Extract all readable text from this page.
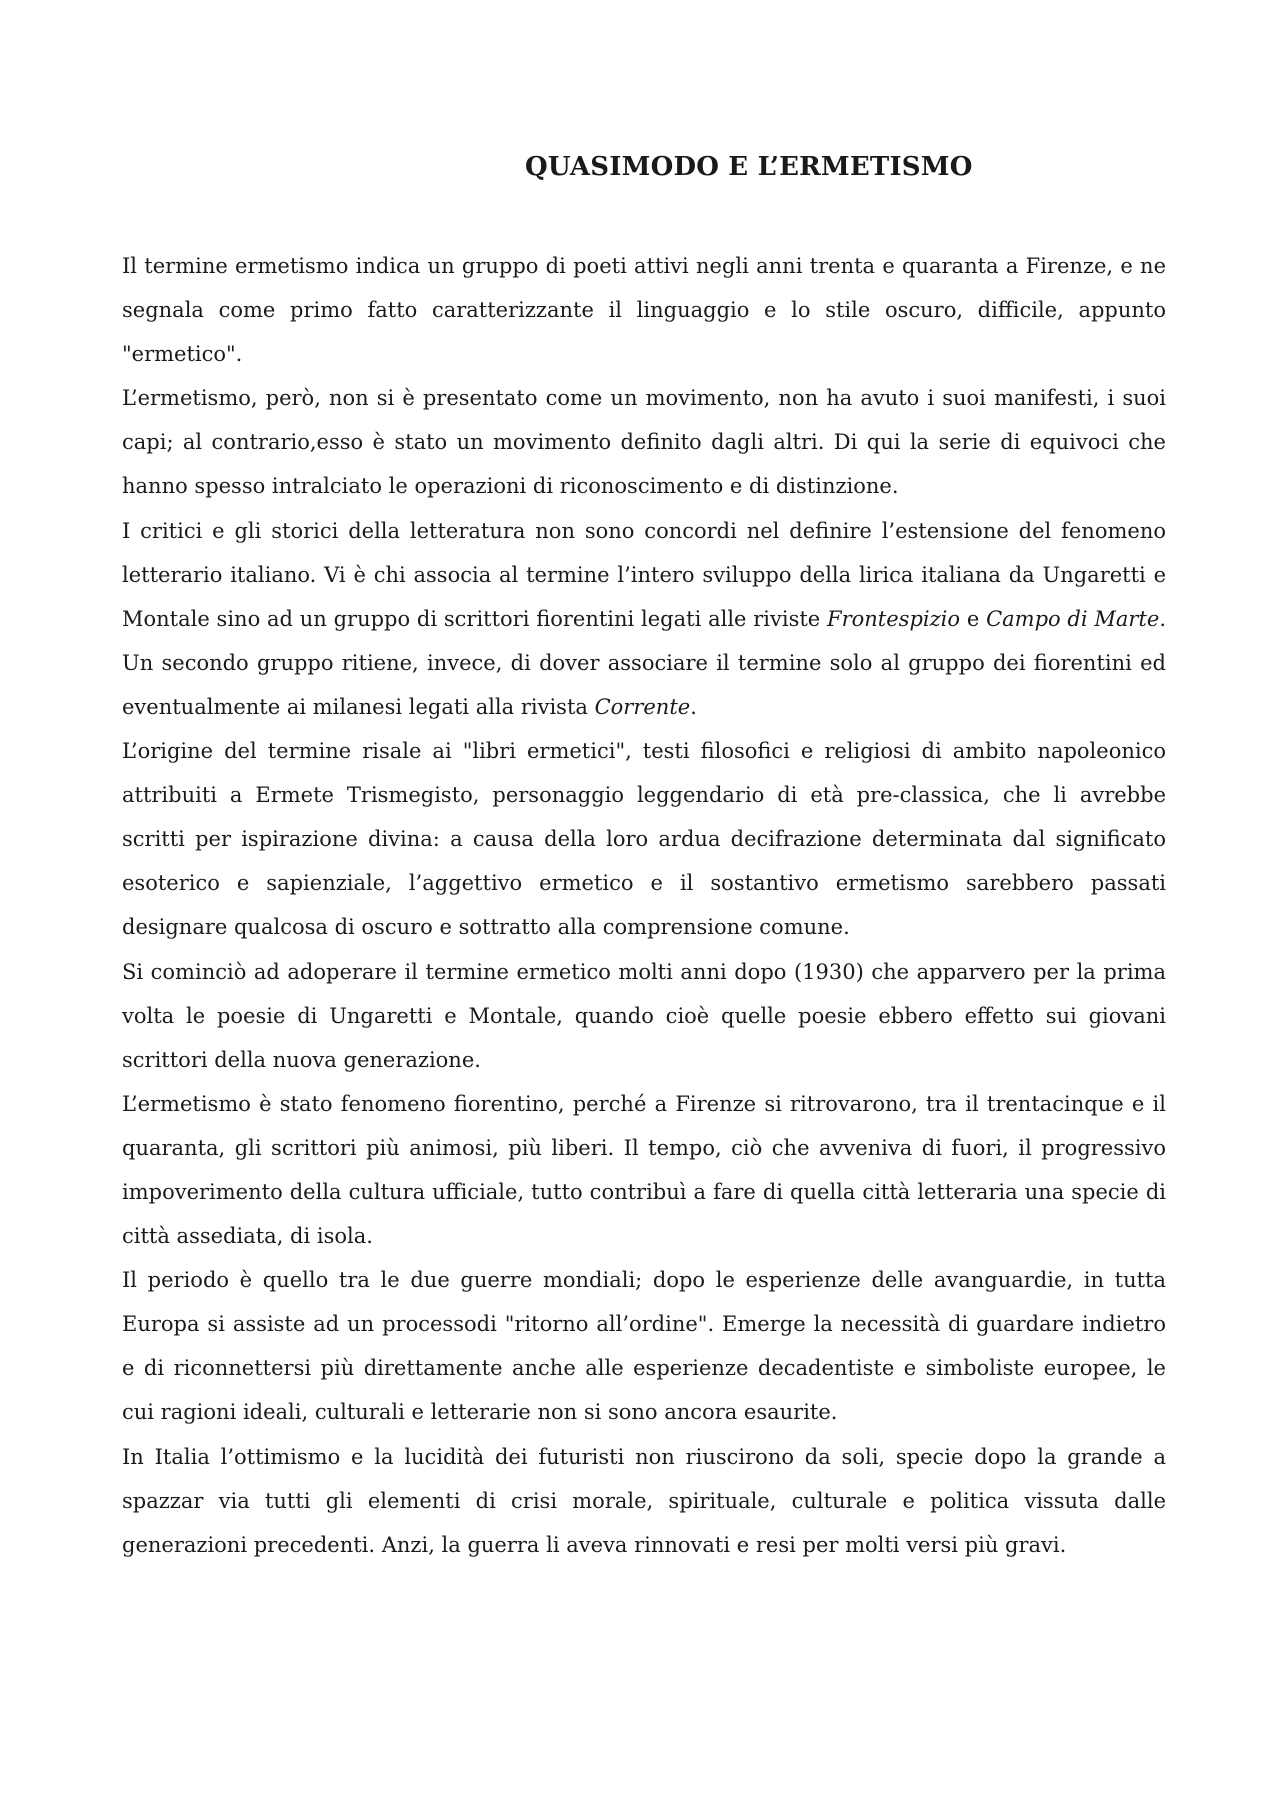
QUASIMODO E L’ERMETISMO

Il termine ermetismo indica un gruppo di poeti attivi negli anni trenta e quaranta a Firenze, e ne segnala come primo fatto caratterizzante il linguaggio e lo stile oscuro, difficile, appunto "ermetico".

L’ermetismo, però, non si è presentato come un movimento, non ha avuto i suoi manifesti, i suoi capi; al contrario,esso è stato un movimento definito dagli altri. Di qui la serie di equivoci che hanno spesso intralciato le operazioni di riconoscimento e di distinzione.

I critici e gli storici della letteratura non sono concordi nel definire l’estensione del fenomeno letterario italiano. Vi è chi associa al termine l’intero sviluppo della lirica italiana da Ungaretti e Montale sino ad un gruppo di scrittori fiorentini legati alle riviste Frontespizio e Campo di Marte. Un secondo gruppo ritiene, invece, di dover associare il termine solo al gruppo dei fiorentini ed eventualmente ai milanesi legati alla rivista Corrente.

L’origine del termine risale ai "libri ermetici", testi filosofici e religiosi di ambito napoleonico attribuiti a Ermete Trismegisto, personaggio leggendario di età pre-classica, che li avrebbe scritti per ispirazione divina: a causa della loro ardua decifrazione determinata dal significato esoterico e sapienziale, l’aggettivo ermetico e il sostantivo ermetismo sarebbero passati designare qualcosa di oscuro e sottratto alla comprensione comune.

Si cominciò ad adoperare il termine ermetico molti anni dopo (1930) che apparvero per la prima volta le poesie di Ungaretti e Montale, quando cioè quelle poesie ebbero effetto sui giovani scrittori della nuova generazione.

L’ermetismo è stato fenomeno fiorentino, perché a Firenze si ritrovarono, tra il trentacinque e il quaranta, gli scrittori più animosi, più liberi. Il tempo, ciò che avveniva di fuori, il progressivo impoverimento della cultura ufficiale, tutto contribuì a fare di quella città letteraria una specie di città assediata, di isola.

Il periodo è quello tra le due guerre mondiali; dopo le esperienze delle avanguardie, in tutta Europa si assiste ad un processodi "ritorno all’ordine". Emerge la necessità di guardare indietro e di riconnettersi più direttamente anche alle esperienze decadentiste e simboliste europee, le cui ragioni ideali, culturali e letterarie non si sono ancora esaurite.

In Italia l’ottimismo e la lucidità dei futuristi non riuscirono da soli, specie dopo la grande a spazzar via tutti gli elementi di crisi morale, spirituale, culturale e politica vissuta dalle generazioni precedenti. Anzi, la guerra li aveva rinnovati e resi per molti versi più gravi.
